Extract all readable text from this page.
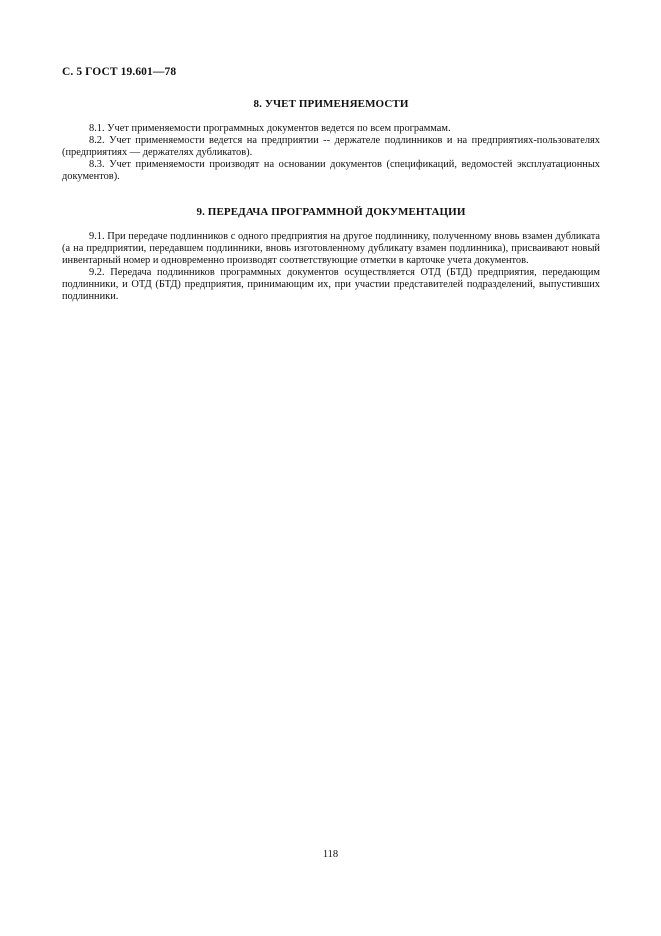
С. 5 ГОСТ 19.601—78
8. УЧЕТ ПРИМЕНЯЕМОСТИ

8.1. Учет применяемости программных документов ведется по всем программам.

8.2. Учет применяемости ведется на предприятии -- держателе подлинников и на предприятиях-пользователях (предприятиях — держателях дубликатов).

8.3. Учет применяемости производят на основании документов (спецификаций, ведомостей эксплуатационных документов).

9. ПЕРЕДАЧА ПРОГРАММНОЙ ДОКУМЕНТАЦИИ

9.1. При передаче подлинников с одного предприятия на другое подлиннику, полученному вновь взамен дубликата (а на предприятии, передавшем подлинники, вновь изготовленному дубликату взамен подлинника), присваивают новый инвентарный номер и одновременно производят соответствующие отметки в карточке учета документов.

9.2. Передача подлинников программных документов осуществляется ОТД (БТД) предприятия, передающим подлинники, и ОТД (БТД) предприятия, принимающим их, при участии представителей подразделений, выпустивших подлинники.

118
